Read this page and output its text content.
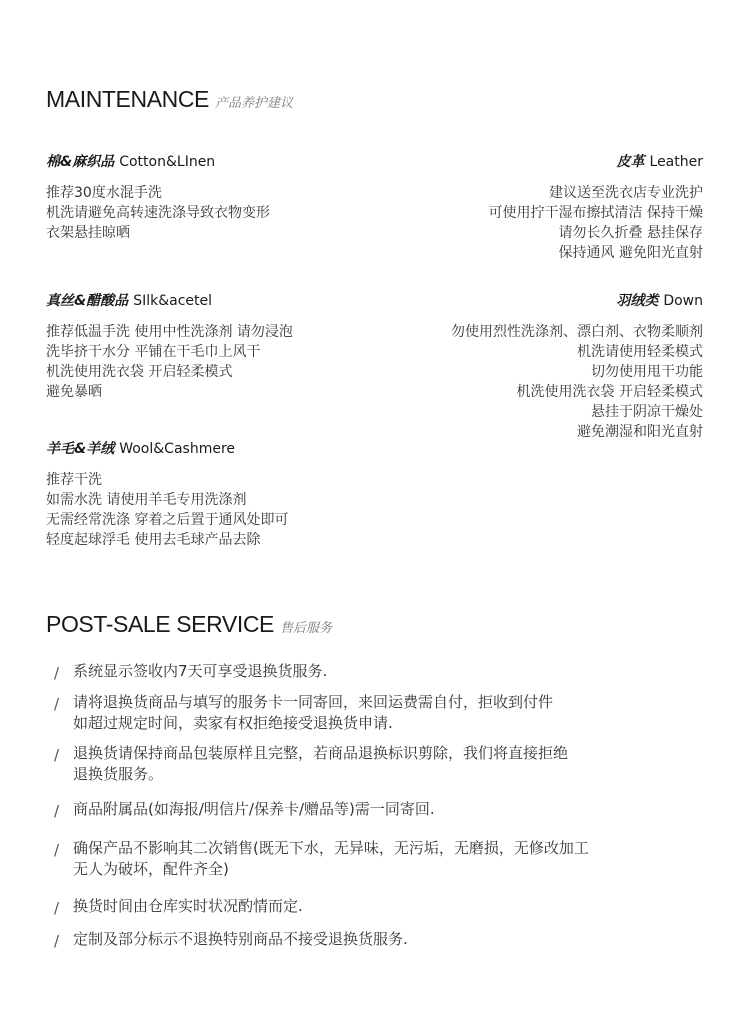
MAINTENANCE 产品养护建议
棉&麻织品 Cotton&LInen
推荐30度水混手洗
机洗请避免高转速洗涤导致衣物变形
衣架悬挂晾晒
皮革 Leather
建议送至洗衣店专业洗护
可使用拧干湿布擦拭清洁 保持干燥
请勿长久折叠 悬挂保存
保持通风 避免阳光直射
真丝&醋酸品 SIlk&acetel
推荐低温手洗 使用中性洗涤剂 请勿浸泡
洗毕挤干水分 平铺在干毛巾上风干
机洗使用洗衣袋 开启轻柔模式
避免暴晒
羽绒类 Down
勿使用烈性洗涤剂、漂白剂、衣物柔顺剂
机洗请使用轻柔模式
切勿使用甩干功能
机洗使用洗衣袋 开启轻柔模式
悬挂于阴凉干燥处
避免潮湿和阳光直射
羊毛&羊绒 Wool&Cashmere
推荐干洗
如需水洗 请使用羊毛专用洗涤剂
无需经常洗涤 穿着之后置于通风处即可
轻度起球浮毛 使用去毛球产品去除
POST-SALE SERVICE 售后服务
/ 系统显示签收内7天可享受退换货服务.
/ 请将退换货商品与填写的服务卡一同寄回，来回运费需自付，拒收到付件
如超过规定时间，卖家有权拒绝接受退换货申请.
/ 退换货请保持商品包装原样且完整，若商品退换标识剪除，我们将直接拒绝
退换货服务。
/ 商品附属品(如海报/明信片/保养卡/赠品等)需一同寄回.
/ 确保产品不影响其二次销售(既无下水，无异味，无污垢，无磨损，无修改加工
无人为破坏，配件齐全)
/ 换货时间由仓库实时状况酌情而定.
/ 定制及部分标示不退换特别商品不接受退换货服务.
